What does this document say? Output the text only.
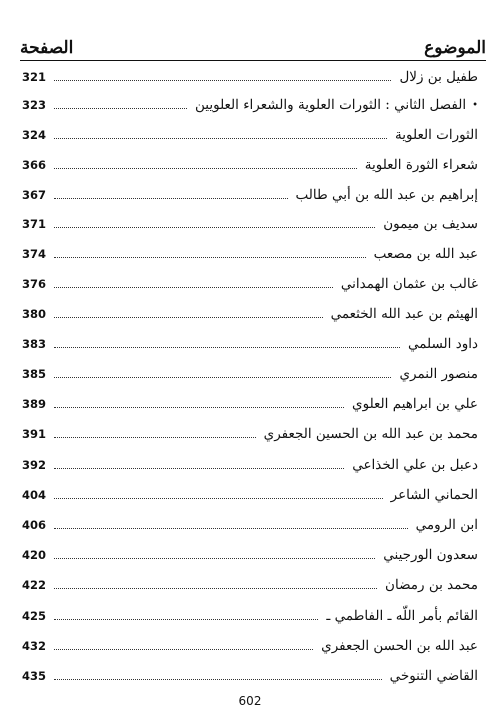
الموضوع
الصفحة
طفيل بن زلال
321
•
الفصل الثاني : الثورات العلوية والشعراء العلويين
323
الثورات العلوية
324
شعراء الثورة العلوية
366
إبراهيم بن عبد الله بن أبي طالب
367
سديف بن ميمون
371
عبد الله بن مصعب
374
غالب بن عثمان الهمداني
376
الهيثم بن عبد الله الخثعمي
380
داود السلمي
383
منصور النمري
385
علي بن ابراهيم العلوي
389
محمد بن عبد الله بن الحسين الجعفري
391
دعبل بن علي الخذاعي
392
الحماني الشاعر
404
ابن الرومي
406
سعدون الورجيني
420
محمد بن رمضان
422
القائم بأمر اللّه ـ الفاطمي ـ
425
عبد الله بن الحسن الجعفري
432
القاضي التنوخي
435
602
